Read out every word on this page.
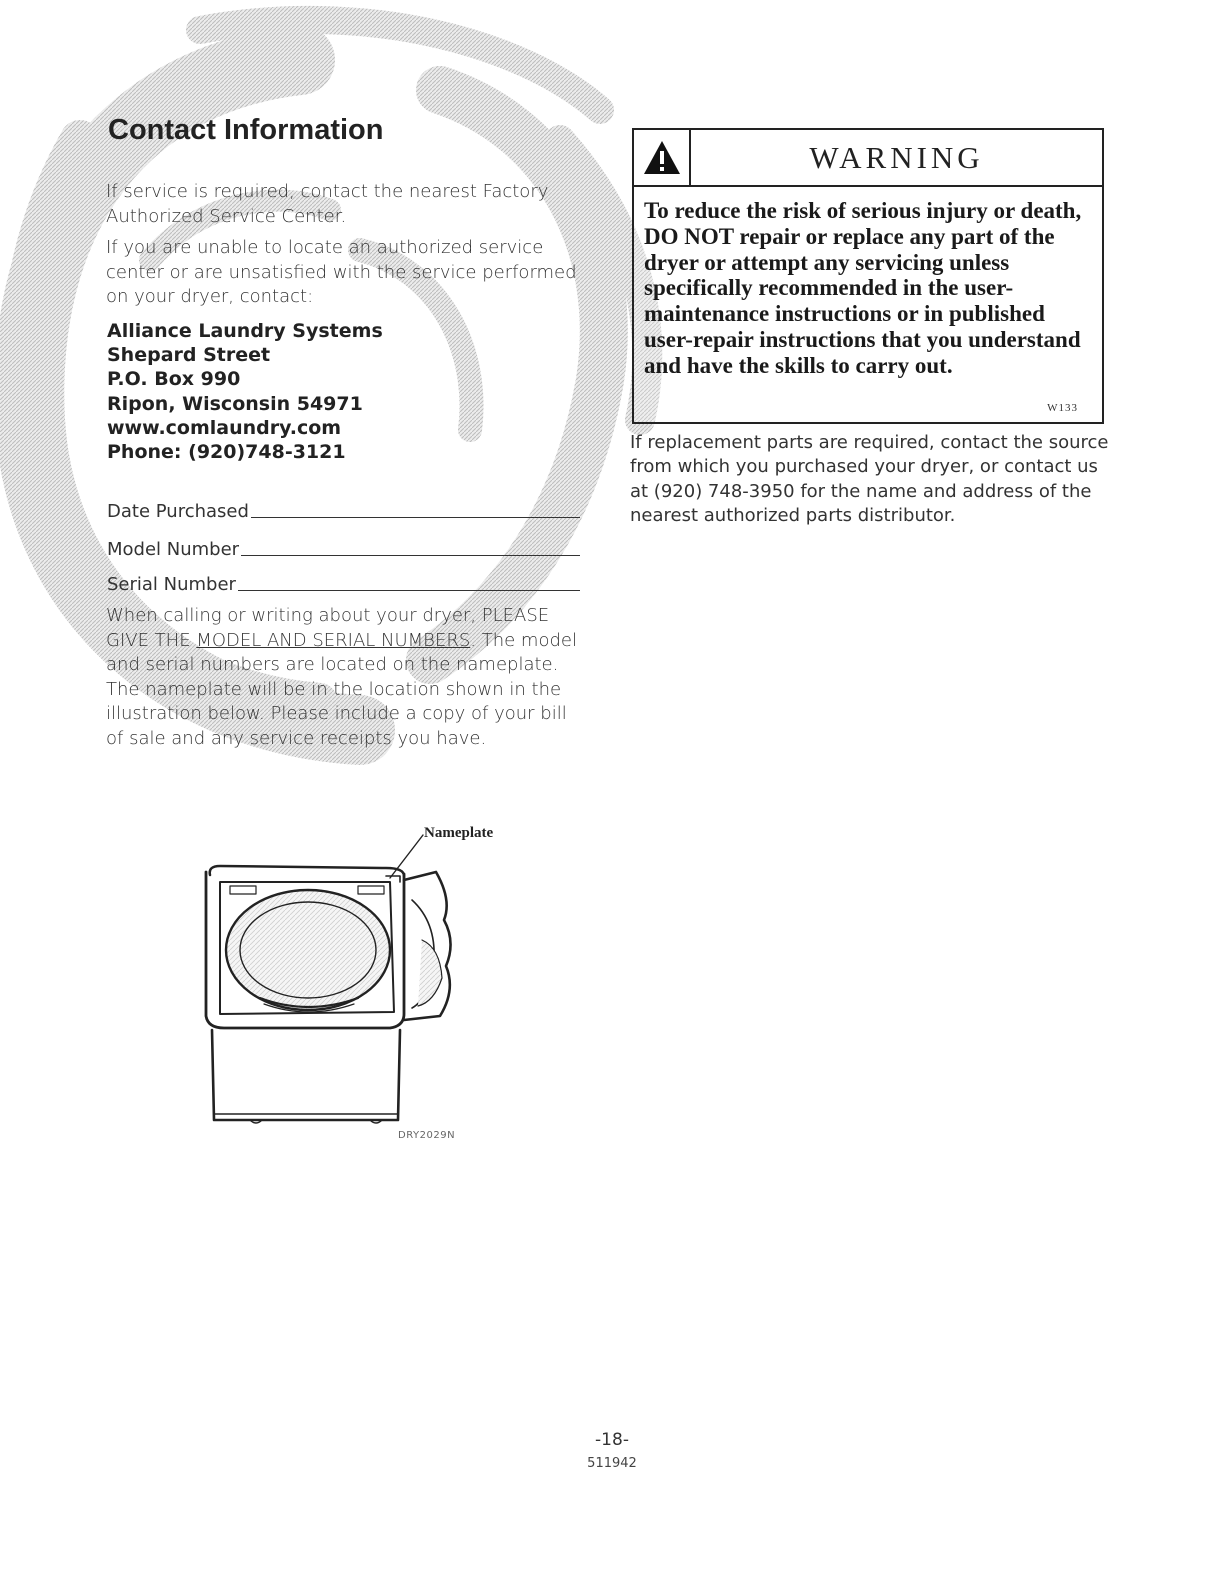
Contact Information

If service is required, contact the nearest Factory Authorized Service Center.

If you are unable to locate an authorized service center or are unsatisfied with the service performed on your dryer, contact:

Alliance Laundry Systems
Shepard Street
P.O. Box 990
Ripon, Wisconsin 54971
www.comlaundry.com
Phone: (920)748-3121
Date Purchased
Model Number
Serial Number

When calling or writing about your dryer, PLEASE GIVE THE MODEL AND SERIAL NUMBERS. The model and serial numbers are located on the nameplate. The nameplate will be in the location shown in the illustration below. Please include a copy of your bill of sale and any service receipts you have.

WARNING

To reduce the risk of serious injury or death, DO NOT repair or replace any part of the dryer or attempt any servicing unless specifically recommended in the user-maintenance instructions or in published user-repair instructions that you understand and have the skills to carry out.

W133

If replacement parts are required, contact the source from which you purchased your dryer, or contact us at (920) 748-3950 for the name and address of the nearest authorized parts distributor.

Nameplate
DRY2029N
-18-
511942
